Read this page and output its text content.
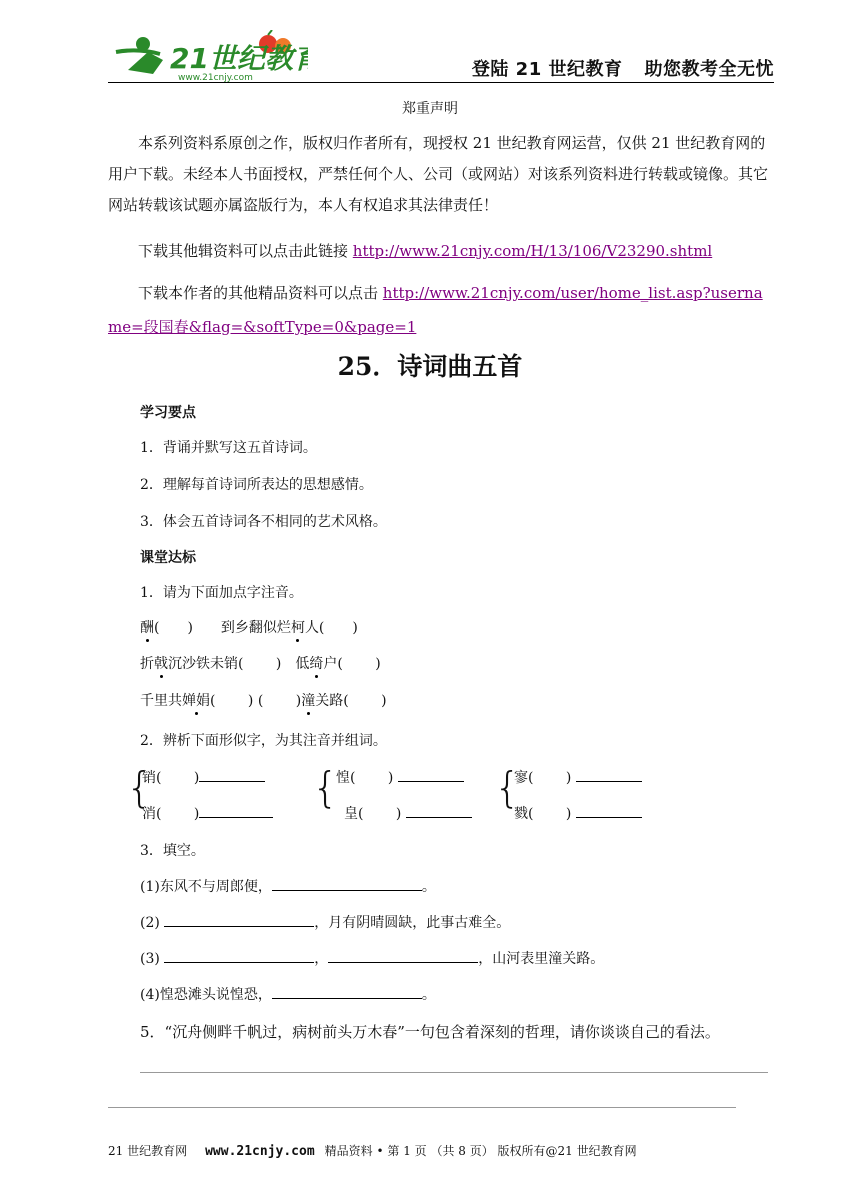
21世纪教育
www.21cnjy.com	登陆 21 世纪教育 助您教考全无忧
郑重声明
本系列资料系原创之作，版权归作者所有，现授权 21 世纪教育网运营，仅供 21 世纪教育网的用户下载。未经本人书面授权，严禁任何个人、公司（或网站）对该系列资料进行转载或镜像。其它网站转载该试题亦属盗版行为，本人有权追求其法律责任！
下载其他辑资料可以点击此链接 http://www.21cnjy.com/H/13/106/V23290.shtml
下载本作者的其他精品资料可以点击 http://www.21cnjy.com/user/home_list.asp?username=段国春&flag=&softType=0&page=1
25．诗词曲五首
学习要点
1．背诵并默写这五首诗词。
2．理解每首诗词所表达的思想感情。
3．体会五首诗词各不相同的艺术风格。
课堂达标
1．请为下面加点字注音。
酬(　　)　　到乡翻似烂柯人(　　)
折戟沉沙铁未销(　　 )　低绮户(　　 )
千里共婵娟(　　 ) (　　 )潼关路(　　 )
2．辨析下面形似字，为其注音并组词。
{
销(　　 )
消(　　 )
{
惶(　　 )
皇(　　 )
{
寥(　　 )
戮(　　 )
3．填空。
(1)东风不与周郎便，	。
(2)	，月有阴晴圆缺，此事古难全。
(3)	，	，山河表里潼关路。
(4)惶恐滩头说惶恐，	。
5．“沉舟侧畔千帆过，病树前头万木春”一句包含着深刻的哲理，请你谈谈自己的看法。
21 世纪教育网 www.21cnjy.com 精品资料 • 第 1 页 （共 8 页） 版权所有@21 世纪教育网
